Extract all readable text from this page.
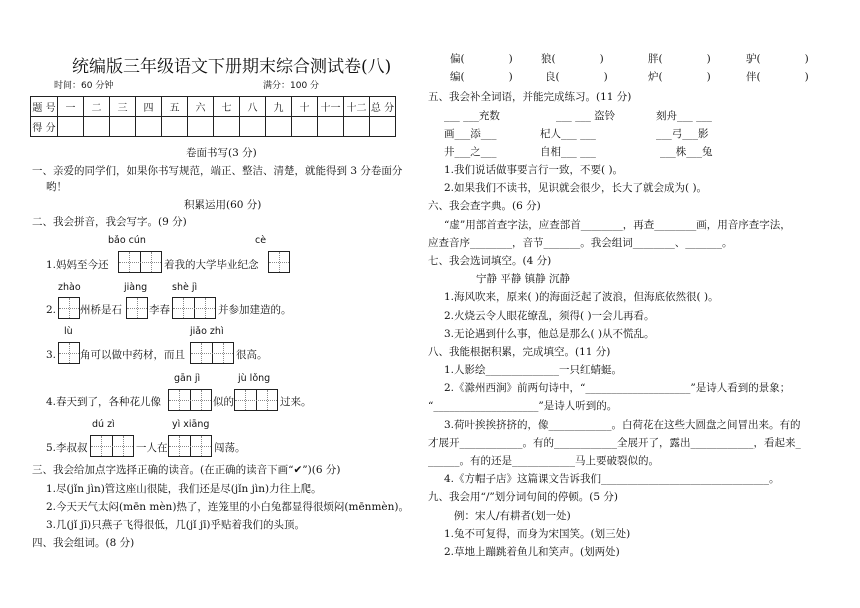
统编版三年级语文下册期末综合测试卷(八)
时间：60 分钟	满分：100 分
题 号	一	二	三	四	五	六	七	八	九	十	十一	十二	总 分
得 分													
卷面书写(3 分)
一、亲爱的同学们，如果你书写规范，端正、整洁、清楚，就能得到 3 分卷面分
哟！
积累运用(60 分)
二、我会拼音，我会写字。(9 分)
bǎo cún	cè
1.妈妈至今还	着我的大学毕业纪念
zhào	jiàng	shè jì
2. 州桥是石	李春	并参加建造的。
lù	jiǎo zhì
3. 角可以做中药材，而且	很高。
gān jì	jù lǒng
4.春天到了，各种花儿像	似的	过来。
dú zì	yì xiāng
5.李叔叔	一人在	闯荡。
三、我会给加点字选择正确的读音。(在正确的读音下画“✔”)(6 分)
1.尽(jǐn jìn)管这座山很陡，我们还是尽(jǐn jìn)力往上爬。
2.今天天气太闷(mēn mèn)热了，连笼里的小白兔都显得很烦闷(mēnmèn)。
3.几(jǐ jī)只燕子飞得很低，几(jǐ jī)乎贴着我们的头顶。
四、我会组词。(8 分)
偏(	)	狼(	)	胖(	)	驴(	)
编(	)	良(	)	炉(	)	伴(	)
五、我会补全词语，并能完成练习。(11 分)
___ ___充数	___ ___ 盗铃	刻舟___ ___
画___添___	杞人___ ___	___弓___影
井___之___	自相___ ___	___株___兔
1.我们说话做事要言行一致，不要( )。
2.如果我们不读书，见识就会很少，长大了就会成为( )。
六、我会查字典。(6 分)
“虚”用部首查字法，应查部首________，再查________画，用音序查字法，
应查音序________，音节_______。我会组词________、_______。
七、我会选词填空。(4 分)
宁静 平静 镇静 沉静
1.海风吹来，原来( )的海面泛起了波浪，但海底依然很( )。
2.火烧云令人眼花缭乱，须得( )一会儿再看。
3.无论遇到什么事，他总是那么( )从不慌乱。
八、我能根据积累，完成填空。(11 分)
1.人影绘______________一只红蜻蜓。
2.《滁州西涧》前两句诗中，“____________________”是诗人看到的景象；
“____________________”是诗人听到的。
3.荷叶挨挨挤挤的，像____________。白荷花在这些大圆盘之间冒出来。有的
才展开____________。有的____________全展开了，露出____________，看起来_
______。有的还是____________马上要破裂似的。
4.《方帽子店》这篇课文告诉我们________________________________。
九、我会用“/”划分词句间的停顿。(5 分)
例：宋人/有耕者(划一处)
1.兔不可复得，而身为宋国笑。(划三处)
2.草地上蹦跳着鱼儿和笑声。(划两处)
